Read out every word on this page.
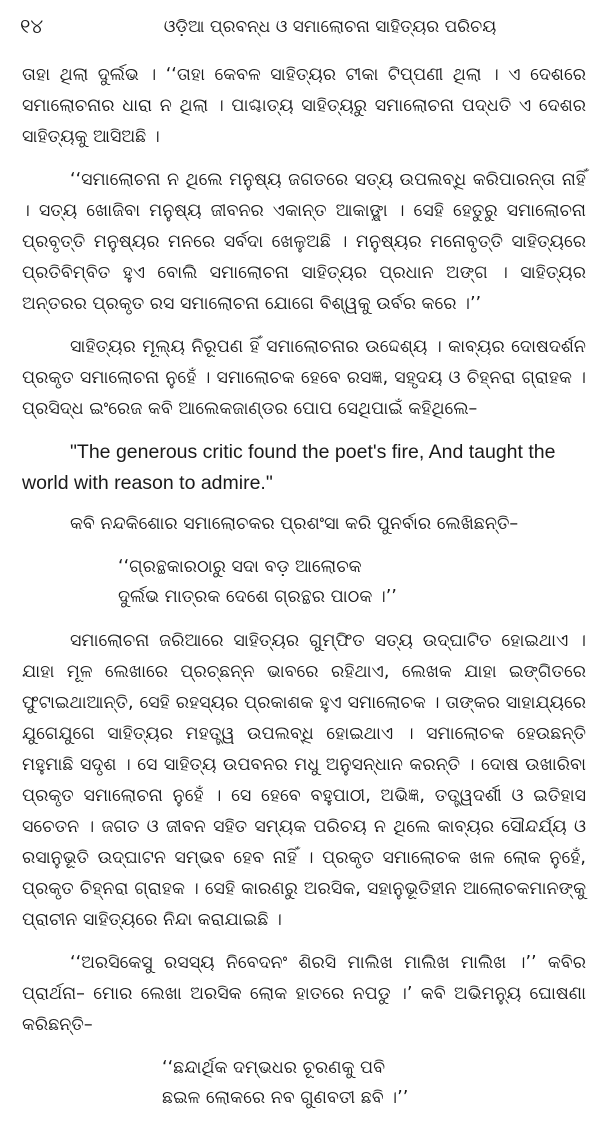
୧୪	ଓଡ଼ିଆ ପ୍ରବନ୍ଧ ଓ ସମାଲୋଚନା ସାହିତ୍ୟର ପରିଚୟ

ତାହା ଥିଲା ଦୁର୍ଲଭ । ‘‘ତାହା କେବଳ ସାହିତ୍ୟର ଟୀକା ଟିପ୍ପଣୀ ଥିଲା । ଏ ଦେଶରେ ସମାଲୋଚନାର ଧାରା ନ ଥିଲା । ପାଶ୍ଚାତ୍ୟ ସାହିତ୍ୟରୁ ସମାଲୋଚନା ପଦ୍ଧତି ଏ ଦେଶର ସାହିତ୍ୟକୁ ଆସିଅଛି ।

‘‘ସମାଲୋଚନା ନ ଥିଲେ ମନୁଷ୍ୟ ଜଗତରେ ସତ୍ୟ ଉପଲବ୍ଧି କରିପାରନ୍ତା ନାହିଁ । ସତ୍ୟ ଖୋଜିବା ମନୁଷ୍ୟ ଜୀବନର ଏକାନ୍ତ ଆକାଙ୍କ୍ଷା । ସେହି ହେତୁରୁ ସମାଲୋଚନା ପ୍ରବୃତ୍ତି ମନୁଷ୍ୟର ମନରେ ସର୍ବଦା ଖେଳୁଅଛି । ମନୁଷ୍ୟର ମନୋବୃତ୍ତି ସାହିତ୍ୟରେ ପ୍ରତିବିମ୍ବିତ ହୁଏ ବୋଲି ସମାଲୋଚନା ସାହିତ୍ୟର ପ୍ରଧାନ ଅଙ୍ଗ । ସାହିତ୍ୟର ଅନ୍ତରର ପ୍ରକୃତ ରସ ସମାଲୋଚନା ଯୋଗେ ବିଶ୍ୱକୁ ଉର୍ବର କରେ ।’’

ସାହିତ୍ୟର ମୂଲ୍ୟ ନିରୂପଣ ହିଁ ସମାଲୋଚନାର ଉଦ୍ଦେଶ୍ୟ । କାବ୍ୟର ଦୋଷଦର୍ଶନ ପ୍ରକୃତ ସମାଲୋଚନା ନୁହେଁ । ସମାଲୋଚକ ହେବେ ରସଜ୍ଞ, ସହୃଦୟ ଓ ଚିହ୍ନରା ଗ୍ରାହକ । ପ୍ରସିଦ୍ଧ ଇଂରେଜ କବି ଆଲେକଜାଣ୍ଡର ପୋପ ସେଥିପାଇଁ କହିଥିଲେ–

"The generous critic found the poet's fire, And taught the world with reason to admire."

କବି ନନ୍ଦକିଶୋର ସମାଲୋଚକର ପ୍ରଶଂସା କରି ପୁନର୍ବାର ଲେଖିଛନ୍ତି–

‘‘ଗ୍ରନ୍ଥକାରଠାରୁ ସଦା ବଡ଼ ଆଲୋଚକ
ଦୁର୍ଲଭ ମାତ୍ରକ ଦେଶେ ଗ୍ରନ୍ଥର ପାଠକ ।’’

ସମାଲୋଚନା ଜରିଆରେ ସାହିତ୍ୟର ଗୁମ୍ଫିତ ସତ୍ୟ ଉଦ୍‌ଘାଟିତ ହୋଇଥାଏ । ଯାହା ମୂଳ ଲେଖାରେ ପ୍ରଚ୍ଛନ୍ନ ଭାବରେ ରହିଥାଏ, ଲେଖକ ଯାହା ଇଙ୍ଗିତରେ ଫୁଟାଇଥାଆନ୍ତି, ସେହି ରହସ୍ୟର ପ୍ରକାଶକ ହୁଏ ସମାଲୋଚକ । ତାଙ୍କର ସାହାଯ୍ୟରେ ଯୁଗେଯୁଗେ ସାହିତ୍ୟର ମହତ୍ତ୍ୱ ଉପଲବ୍ଧି ହୋଇଥାଏ । ସମାଲୋଚକ ହେଉଛନ୍ତି ମହୁମାଛି ସଦୃଶ । ସେ ସାହିତ୍ୟ ଉପବନର ମଧୁ ଅନୁସନ୍ଧାନ କରନ୍ତି । ଦୋଷ ଉଖାରିବା ପ୍ରକୃତ ସମାଲୋଚନା ନୁହେଁ । ସେ ହେବେ ବହୁପାଠୀ, ଅଭିଜ୍ଞ, ତତ୍ତ୍ୱଦର୍ଶୀ ଓ ଇତିହାସ ସଚେତନ । ଜଗତ ଓ ଜୀବନ ସହିତ ସମ୍ୟକ ପରିଚୟ ନ ଥିଲେ କାବ୍ୟର ସୌନ୍ଦର୍ଯ୍ୟ ଓ ରସାନୁଭୂତି ଉଦ୍‌ଘାଟନ ସମ୍ଭବ ହେବ ନାହିଁ । ପ୍ରକୃତ ସମାଲୋଚକ ଖଳ ଲୋକ ନୁହେଁ, ପ୍ରକୃତ ଚିହ୍ନରା ଗ୍ରାହକ । ସେହି କାରଣରୁ ଅରସିକ, ସହାନୁଭୂତିହୀନ ଆଲୋଚକମାନଙ୍କୁ ପ୍ରାଚୀନ ସାହିତ୍ୟରେ ନିନ୍ଦା କରାଯାଇଛି ।

‘‘ଅରସିକେସୁ ରସସ୍ୟ ନିବେଦନଂ ଶିରସି ମାଲିଖ ମାଲିଖ ମାଲିଖ ।’’ କବିର ପ୍ରାର୍ଥନା– ମୋର ଲେଖା ଅରସିକ ଲୋକ ହାତରେ ନପଡୁ ।’ କବି ଅଭିମନ୍ୟୁ ଘୋଷଣା କରିଛନ୍ତି–

‘‘ଛନ୍ଦାର୍ଥିକ ଦମ୍ଭଧର ଚୂରଣକୁ ପବି
ଛଇଳ ଲୋକରେ ନବ ଗୁଣବତୀ ଛବି ।’’
